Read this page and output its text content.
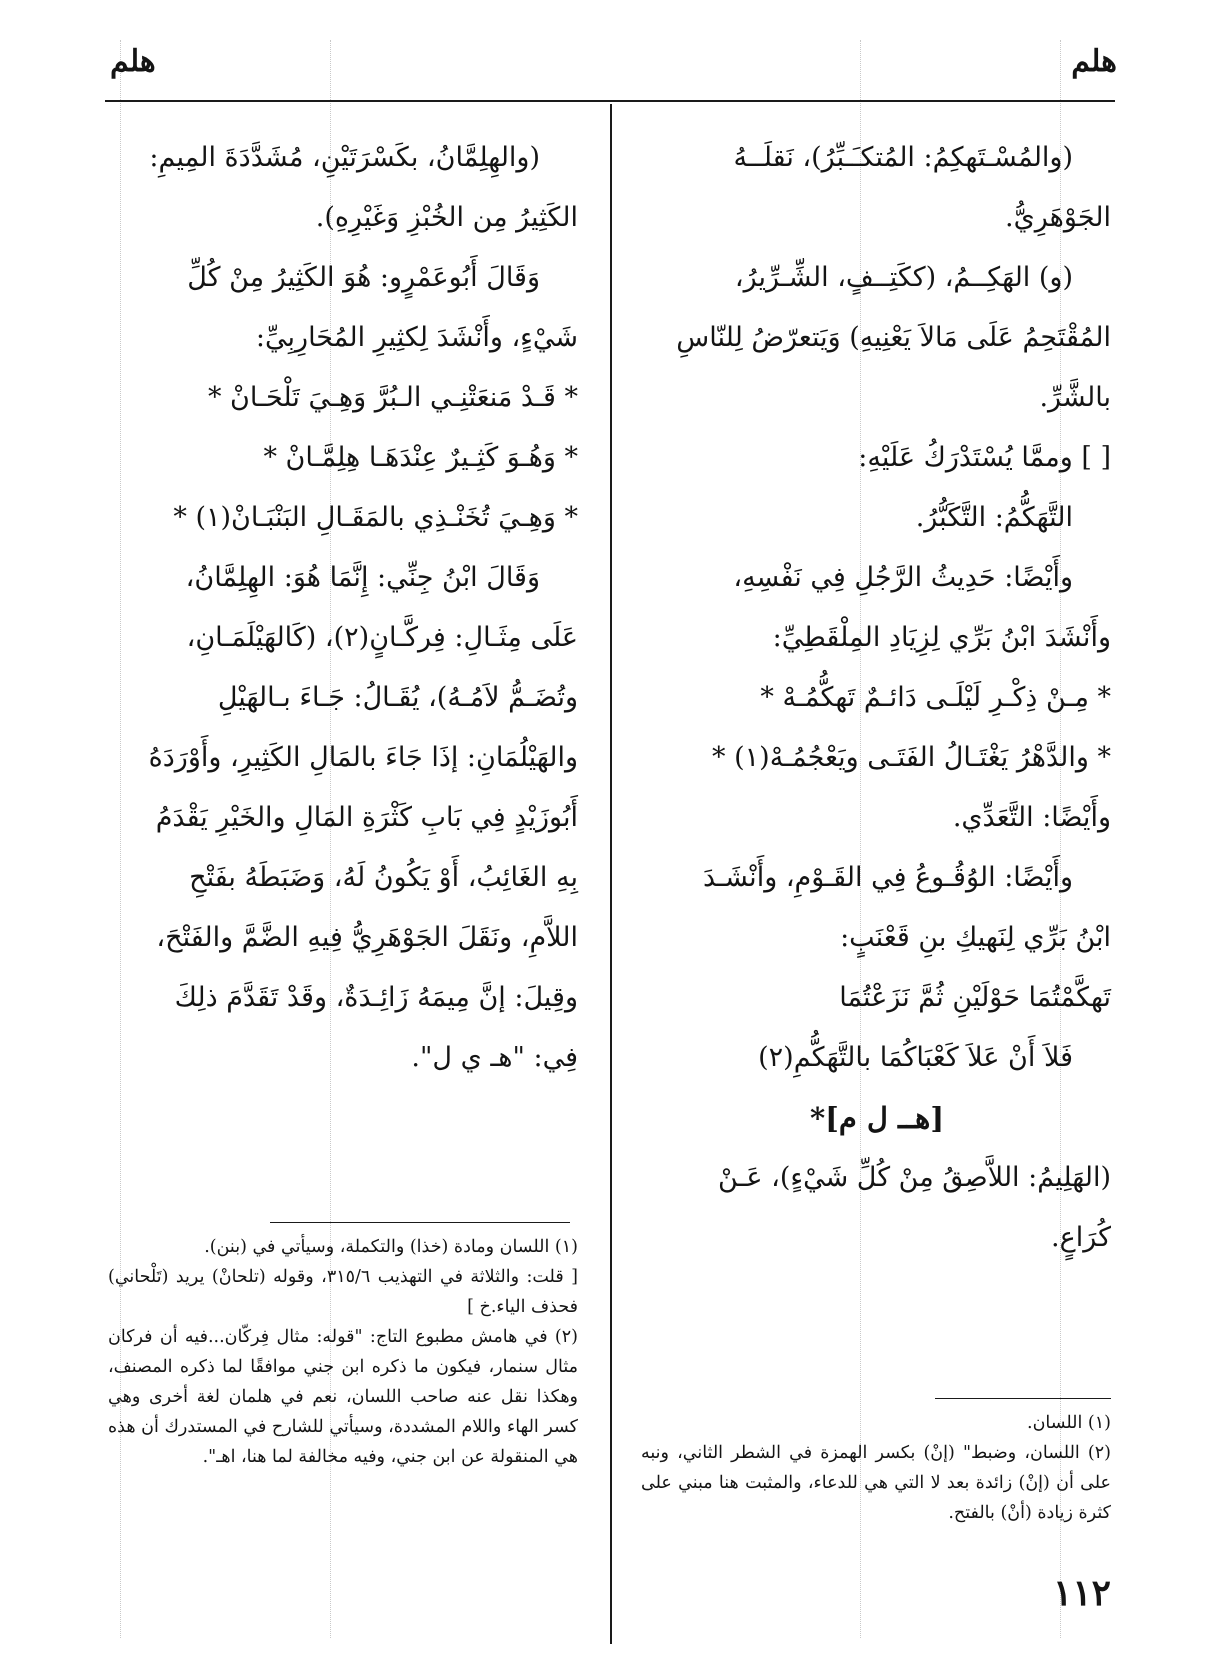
هلم
هلم

(والمُسْـتَهكِمُ: المُتكـَـبِّرُ)، نَقلَــهُ

الجَوْهَرِيُّ.

(و) الهَكِــمُ، (ككَتِــفٍ، الشِّـرِّيرُ،

المُقْتَحِمُ عَلَى مَالاَ يَعْنِيهِ) وَيَتعرّضُ لِلنّاسِ

بالشَّرِّ.

[ ] وممَّا يُسْتَدْرَكُ عَلَيْهِ:

التَّهَكُّمُ: التَّكَبُّرُ.

وأَيْضًا: حَدِيثُ الرَّجُلِ فِي نَفْسِهِ،

وأَنْشَدَ ابْنُ بَرِّي لِزِيَادِ المِلْقَطِيِّ:

* مِـنْ ذِكْـرِ لَيْلَـى دَائـمٌ تَهكُّمُـهْ *

* والدَّهْرُ يَغْتَـالُ الفَتَـى ويَعْجُمُـهْ(١) *

وأَيْضًا: التَّعَدِّي.

وأَيْضًا: الوُقُـوعُ فِي القَـوْمِ، وأَنْشَـدَ

ابْنُ بَرِّي لِنَهيكِ بنِ قَعْنَبٍ:

تَهكَّمْتُمَا حَوْلَيْنِ ثُمَّ نَزَعْتُمَا

فَلاَ أَنْ عَلاَ كَعْبَاكُمَا بالتَّهَكُّمِ(٢)

[هــ ل م]*

(الهَلِيمُ: اللاَّصِقُ مِنْ كُلِّ شَيْءٍ)، عَـنْ

كُرَاعٍ.

(١) اللسان.

(٢) اللسان، وضبط" (إنْ) بكسر الهمزة في الشطر الثاني، ونبه على أن (إنْ) زائدة بعد لا التي هي للدعاء، والمثبت هنا مبني على كثرة زيادة (أنْ) بالفتح.

(والهِلِمَّانُ، بكَسْرَتَيْنِ، مُشَدَّدَةَ المِيمِ:

الكَثِيرُ مِن الخُبْزِ وَغَيْرِهِ).

وَقَالَ أَبُوعَمْرٍو: هُوَ الكَثِيرُ مِنْ كُلِّ

شَيْءٍ، وأَنْشَدَ لِكثِيرِ المُحَارِبِيِّ:

* قَـدْ مَنعَتْنِـي الـبُرَّ وَهِـيَ تَلْحَـانْ *

* وَهُـوَ كَثِـيرٌ عِنْدَهَـا هِلِمَّـانْ *

* وَهِـيَ تُخَنْـذِي بالمَقَـالِ البَنْبَـانْ(١) *

وَقَالَ ابْنُ جِنِّي: إِنَّمَا هُوَ: الهِلِمَّانُ،

عَلَى مِثَـالِ: فِركَّـانٍ(٢)، (كَالهَيْلَمَـانِ،

وتُضَـمُّ لاَمُـهُ)، يُقَـالُ: جَـاءَ بـالهَيْلِ

والهَيْلُمَانِ: إذَا جَاءَ بالمَالِ الكَثِيرِ، وأَوْرَدَهُ

أَبُوزَيْدٍ فِي بَابِ كَثْرَةِ المَالِ والخَيْرِ يَقْدَمُ

بِهِ الغَائِبُ، أَوْ يَكُونُ لَهُ، وَضَبَطَهُ بفَتْحِ

اللاَّمِ، ونَقَلَ الجَوْهَرِيُّ فِيهِ الضَّمَّ والفَتْحَ،

وقِيلَ: إنَّ مِيمَهُ زَائِـدَةٌ، وقَدْ تَقَدَّمَ ذلِكَ

فِي: "هـ ي ل".

(١) اللسان ومادة (خذا) والتكملة، وسيأتي في (بنن).

[ قلت: والثلاثة في التهذيب ٣١٥/٦، وقوله (تلحانْ) يريد (تَلْحاني) فحذف الياء.خ ]

(٢) في هامش مطبوع التاج: "قوله: مثال فِركّان...فيه أن فركان مثال سنمار، فيكون ما ذكره ابن جني موافقًا لما ذكره المصنف، وهكذا نقل عنه صاحب اللسان، نعم في هلمان لغة أخرى وهي كسر الهاء واللام المشددة، وسيأتي للشارح في المستدرك أن هذه هي المنقولة عن ابن جني، وفيه مخالفة لما هنا، اهـ".

١١٢
